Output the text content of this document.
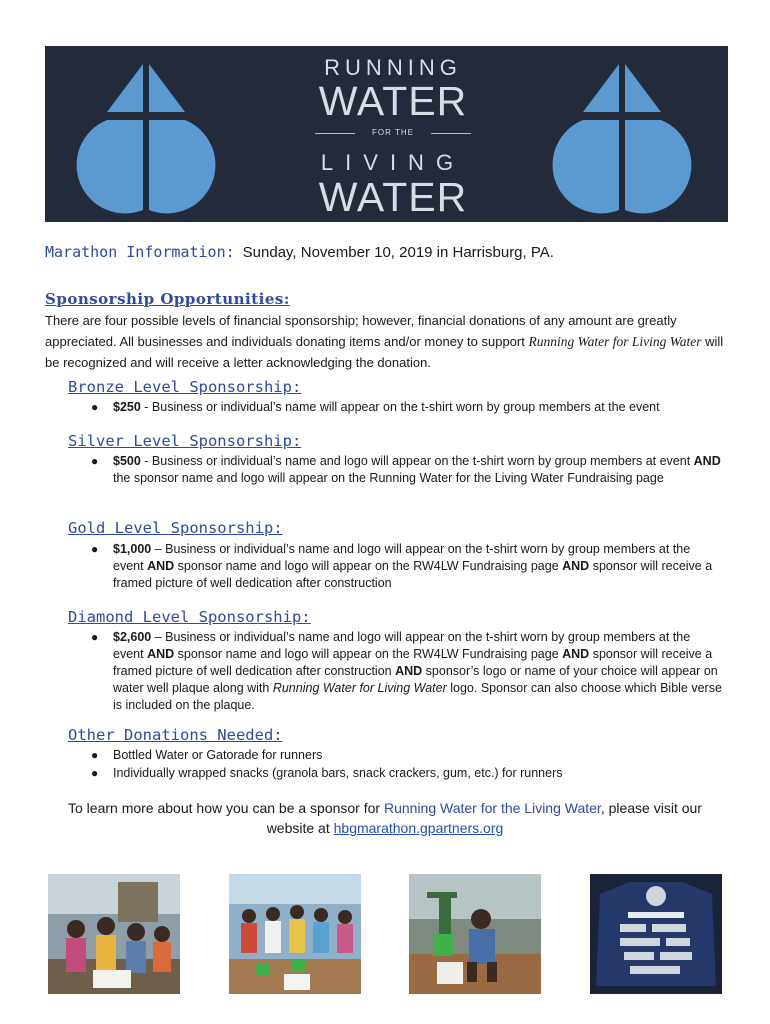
RUNNING
WATER
FOR THE
LIVING
WATER
Marathon Information: Sunday, November 10, 2019 in Harrisburg, PA.
Sponsorship Opportunities:
There are four possible levels of financial sponsorship; however, financial donations of any amount are greatly appreciated. All businesses and individuals donating items and/or money to support Running Water for Living Water will be recognized and will receive a letter acknowledging the donation.
Bronze Level Sponsorship:
● $250 - Business or individual’s name will appear on the t-shirt worn by group members at the event
Silver Level Sponsorship:
● $500 - Business or individual’s name and logo will appear on the t-shirt worn by group members at event AND the sponsor name and logo will appear on the Running Water for the Living Water Fundraising page
Gold Level Sponsorship:
● $1,000 – Business or individual’s name and logo will appear on the t-shirt worn by group members at the event AND sponsor name and logo will appear on the RW4LW Fundraising page AND sponsor will receive a framed picture of well dedication after construction
Diamond Level Sponsorship:
● $2,600 – Business or individual’s name and logo will appear on the t-shirt worn by group members at the event AND sponsor name and logo will appear on the RW4LW Fundraising page AND sponsor will receive a framed picture of well dedication after construction AND sponsor’s logo or name of your choice will appear on water well plaque along with Running Water for Living Water logo. Sponsor can also choose which Bible verse is included on the plaque.
Other Donations Needed:
● Bottled Water or Gatorade for runners
● Individually wrapped snacks (granola bars, snack crackers, gum, etc.) for runners
To learn more about how you can be a sponsor for Running Water for the Living Water, please visit our website at hbgmarathon.gpartners.org
